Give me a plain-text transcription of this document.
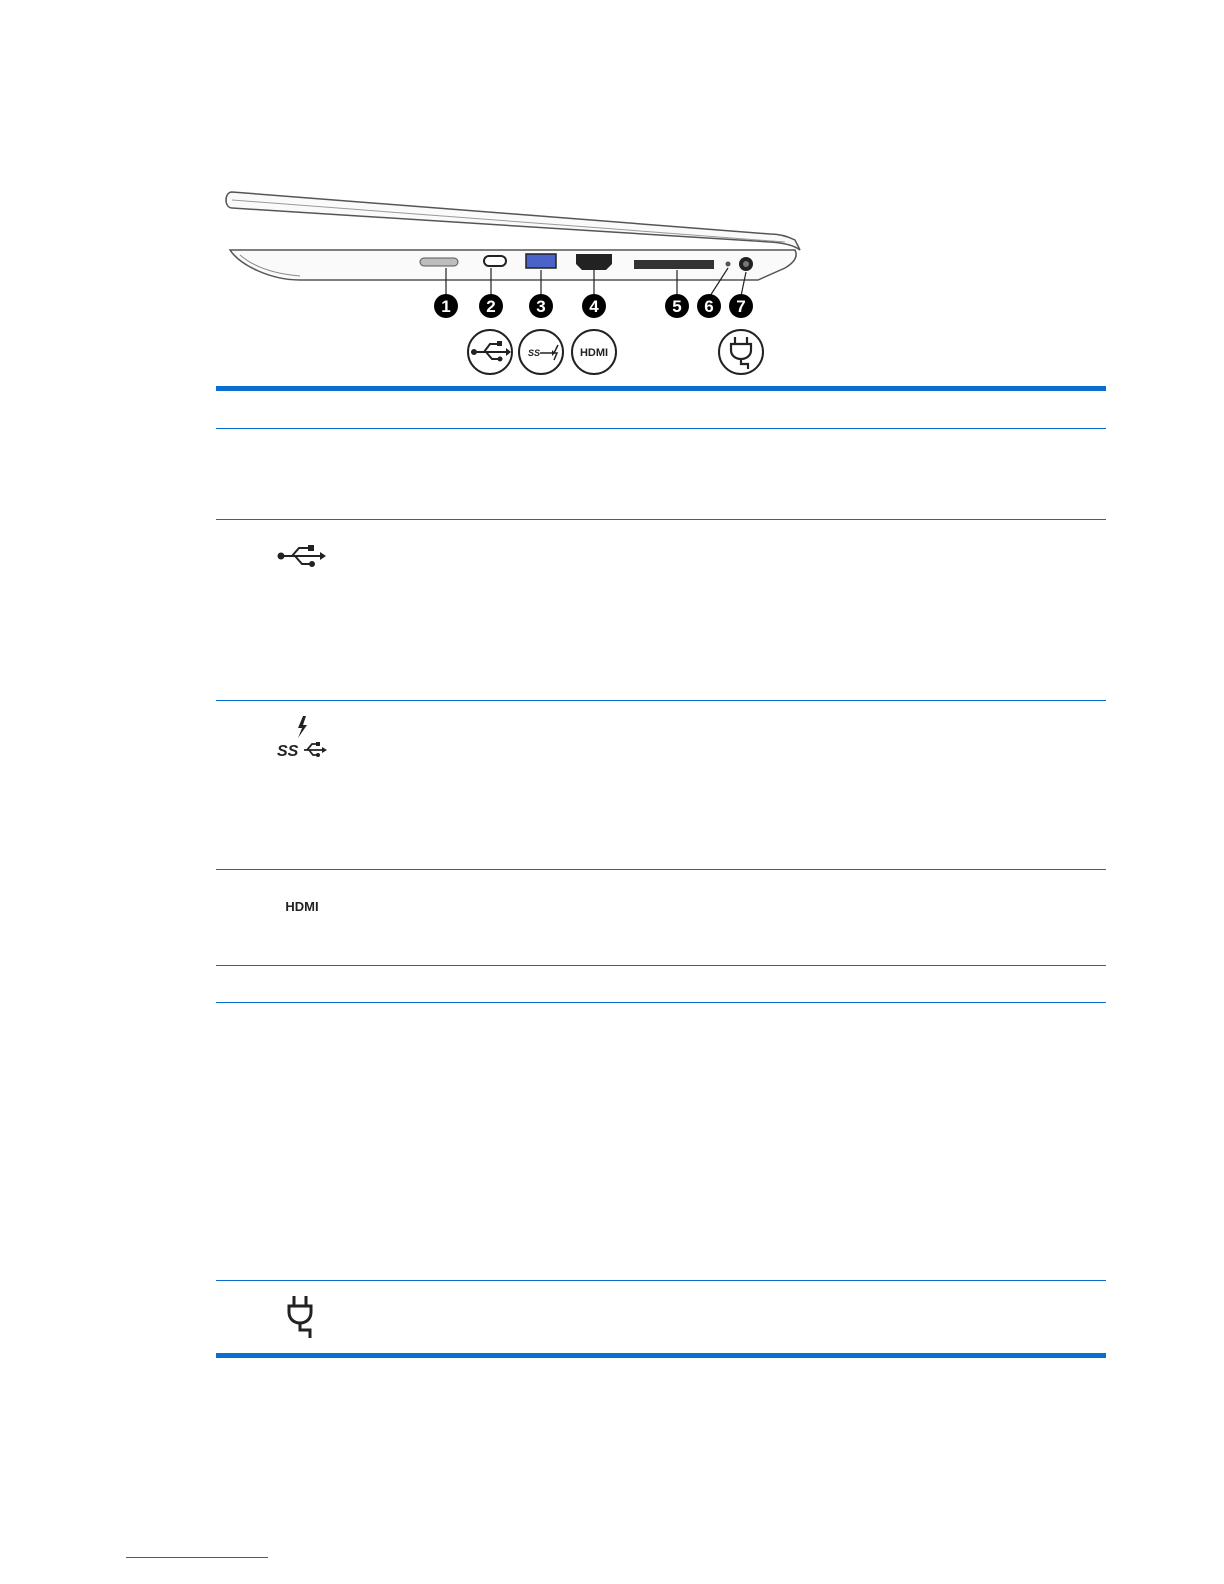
1 2 3	4	5 6 7
SS	HDMI
SS
HDMI
